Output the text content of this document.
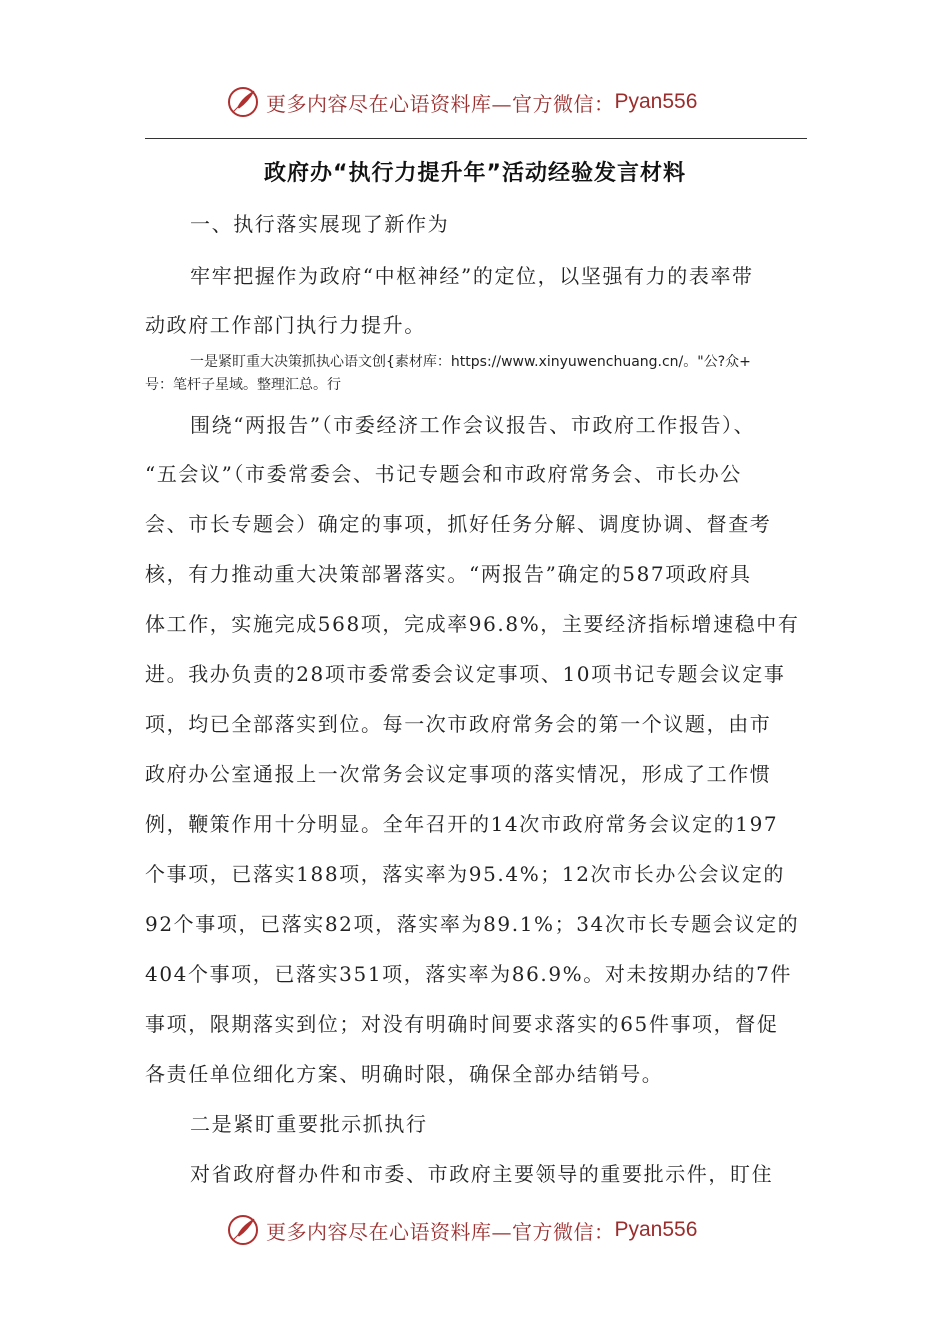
更多内容尽在心语资料库—官方微信： Pyan556
政府办“执行力提升年”活动经验发言材料
一、执行落实展现了新作为
牢牢把握作为政府“中枢神经”的定位，以坚强有力的表率带
动政府工作部门执行力提升。
一是紧盯重大决策抓执心语文创{素材库：https://www.xinyuwenchuang.cn/。"公?众+
号：笔杆子星域。整理汇总。行
围绕“两报告”（市委经济工作会议报告、市政府工作报告）、
“五会议”（市委常委会、书记专题会和市政府常务会、市长办公
会、市长专题会）确定的事项，抓好任务分解、调度协调、督查考
核，有力推动重大决策部署落实。“两报告”确定的587项政府具
体工作，实施完成568项，完成率96.8%，主要经济指标增速稳中有
进。我办负责的28项市委常委会议定事项、10项书记专题会议定事
项，均已全部落实到位。每一次市政府常务会的第一个议题，由市
政府办公室通报上一次常务会议定事项的落实情况，形成了工作惯
例，鞭策作用十分明显。全年召开的14次市政府常务会议定的197
个事项，已落实188项，落实率为95.4%；12次市长办公会议定的
92个事项，已落实82项，落实率为89.1%；34次市长专题会议定的
404个事项，已落实351项，落实率为86.9%。对未按期办结的7件
事项，限期落实到位；对没有明确时间要求落实的65件事项，督促
各责任单位细化方案、明确时限，确保全部办结销号。
二是紧盯重要批示抓执行
对省政府督办件和市委、市政府主要领导的重要批示件，盯住
更多内容尽在心语资料库—官方微信： Pyan556
